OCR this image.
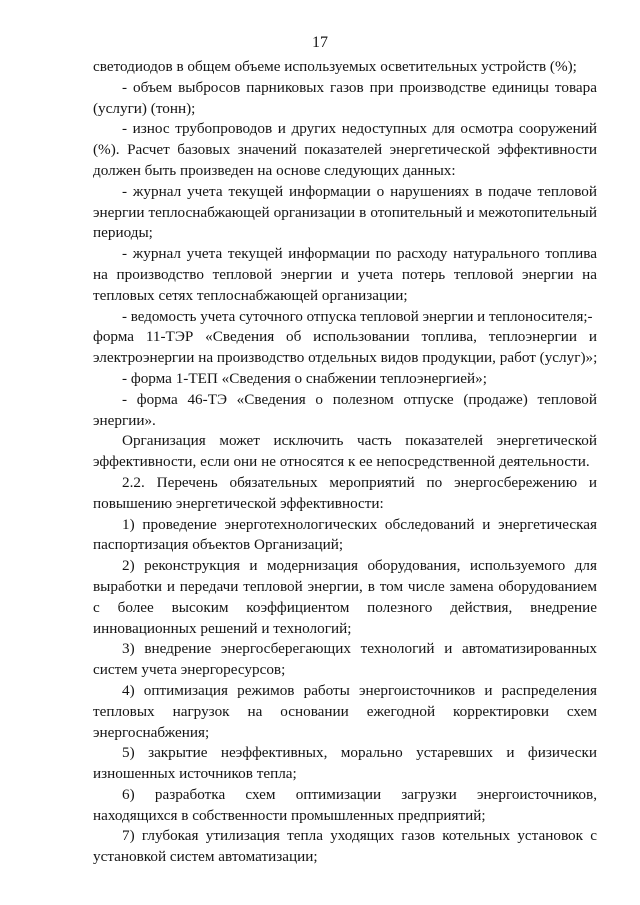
17
светодиодов в общем объеме используемых осветительных устройств (%);
- объем выбросов парниковых газов при производстве единицы товара
(услуги) (тонн);
- износ трубопроводов и других недоступных для осмотра сооружений
(%). Расчет базовых значений показателей энергетической эффективности
должен быть произведен на основе следующих данных:
- журнал учета текущей информации о нарушениях в подаче тепловой
энергии теплоснабжающей организации в отопительный и межотопительный
периоды;
- журнал учета текущей информации по расходу натурального топлива
на производство тепловой энергии и учета потерь тепловой энергии на
тепловых сетях теплоснабжающей организации;
- ведомость учета суточного отпуска тепловой энергии и теплоносителя;-
форма 11-ТЭР «Сведения об использовании топлива, теплоэнергии и
электроэнергии на производство отдельных видов продукции, работ (услуг)»;
- форма 1-ТЕП «Сведения о снабжении теплоэнергией»;
- форма 46-ТЭ «Сведения о полезном отпуске (продаже) тепловой
энергии».
Организация может исключить часть показателей энергетической
эффективности, если они не относятся к ее непосредственной деятельности.
2.2. Перечень обязательных мероприятий по энергосбережению и
повышению энергетической эффективности:
1) проведение энерготехнологических обследований и энергетическая
паспортизация объектов Организаций;
2) реконструкция и модернизация оборудования, используемого для
выработки и передачи тепловой энергии, в том числе замена оборудованием
с более высоким коэффициентом полезного действия, внедрение
инновационных решений и технологий;
3) внедрение энергосберегающих технологий и автоматизированных
систем учета энергоресурсов;
4) оптимизация режимов работы энергоисточников и распределения
тепловых нагрузок на основании ежегодной корректировки схем
энергоснабжения;
5) закрытие неэффективных, морально устаревших и физически
изношенных источников тепла;
6) разработка схем оптимизации загрузки энергоисточников,
находящихся в собственности промышленных предприятий;
7) глубокая утилизация тепла уходящих газов котельных установок с
установкой систем автоматизации;
